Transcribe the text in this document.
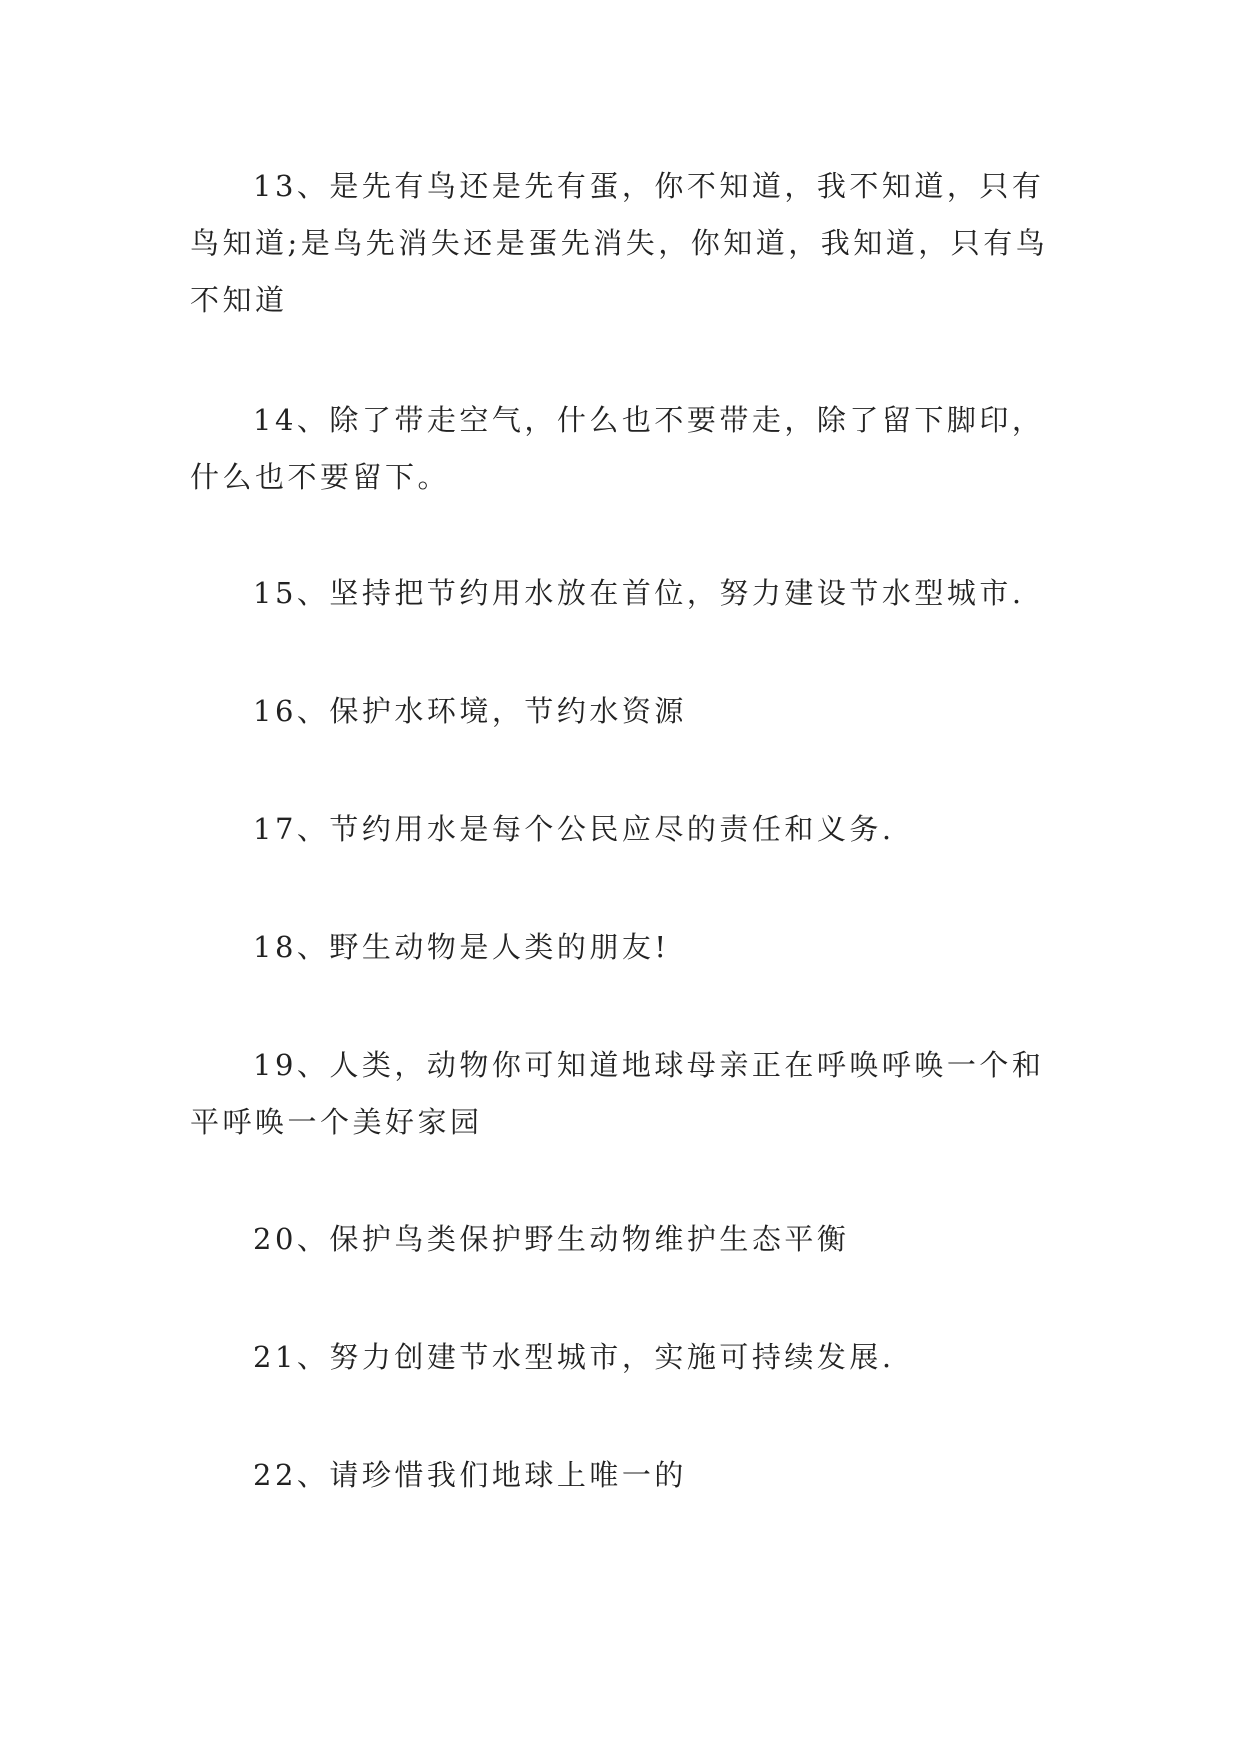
13、是先有鸟还是先有蛋，你不知道，我不知道，只有鸟知道;是鸟先消失还是蛋先消失，你知道，我知道，只有鸟不知道

14、除了带走空气，什么也不要带走，除了留下脚印，什么也不要留下。

15、坚持把节约用水放在首位，努力建设节水型城市.

16、保护水环境，节约水资源

17、节约用水是每个公民应尽的责任和义务.

18、野生动物是人类的朋友!

19、人类，动物你可知道地球母亲正在呼唤呼唤一个和平呼唤一个美好家园

20、保护鸟类保护野生动物维护生态平衡

21、努力创建节水型城市，实施可持续发展.

22、请珍惜我们地球上唯一的
